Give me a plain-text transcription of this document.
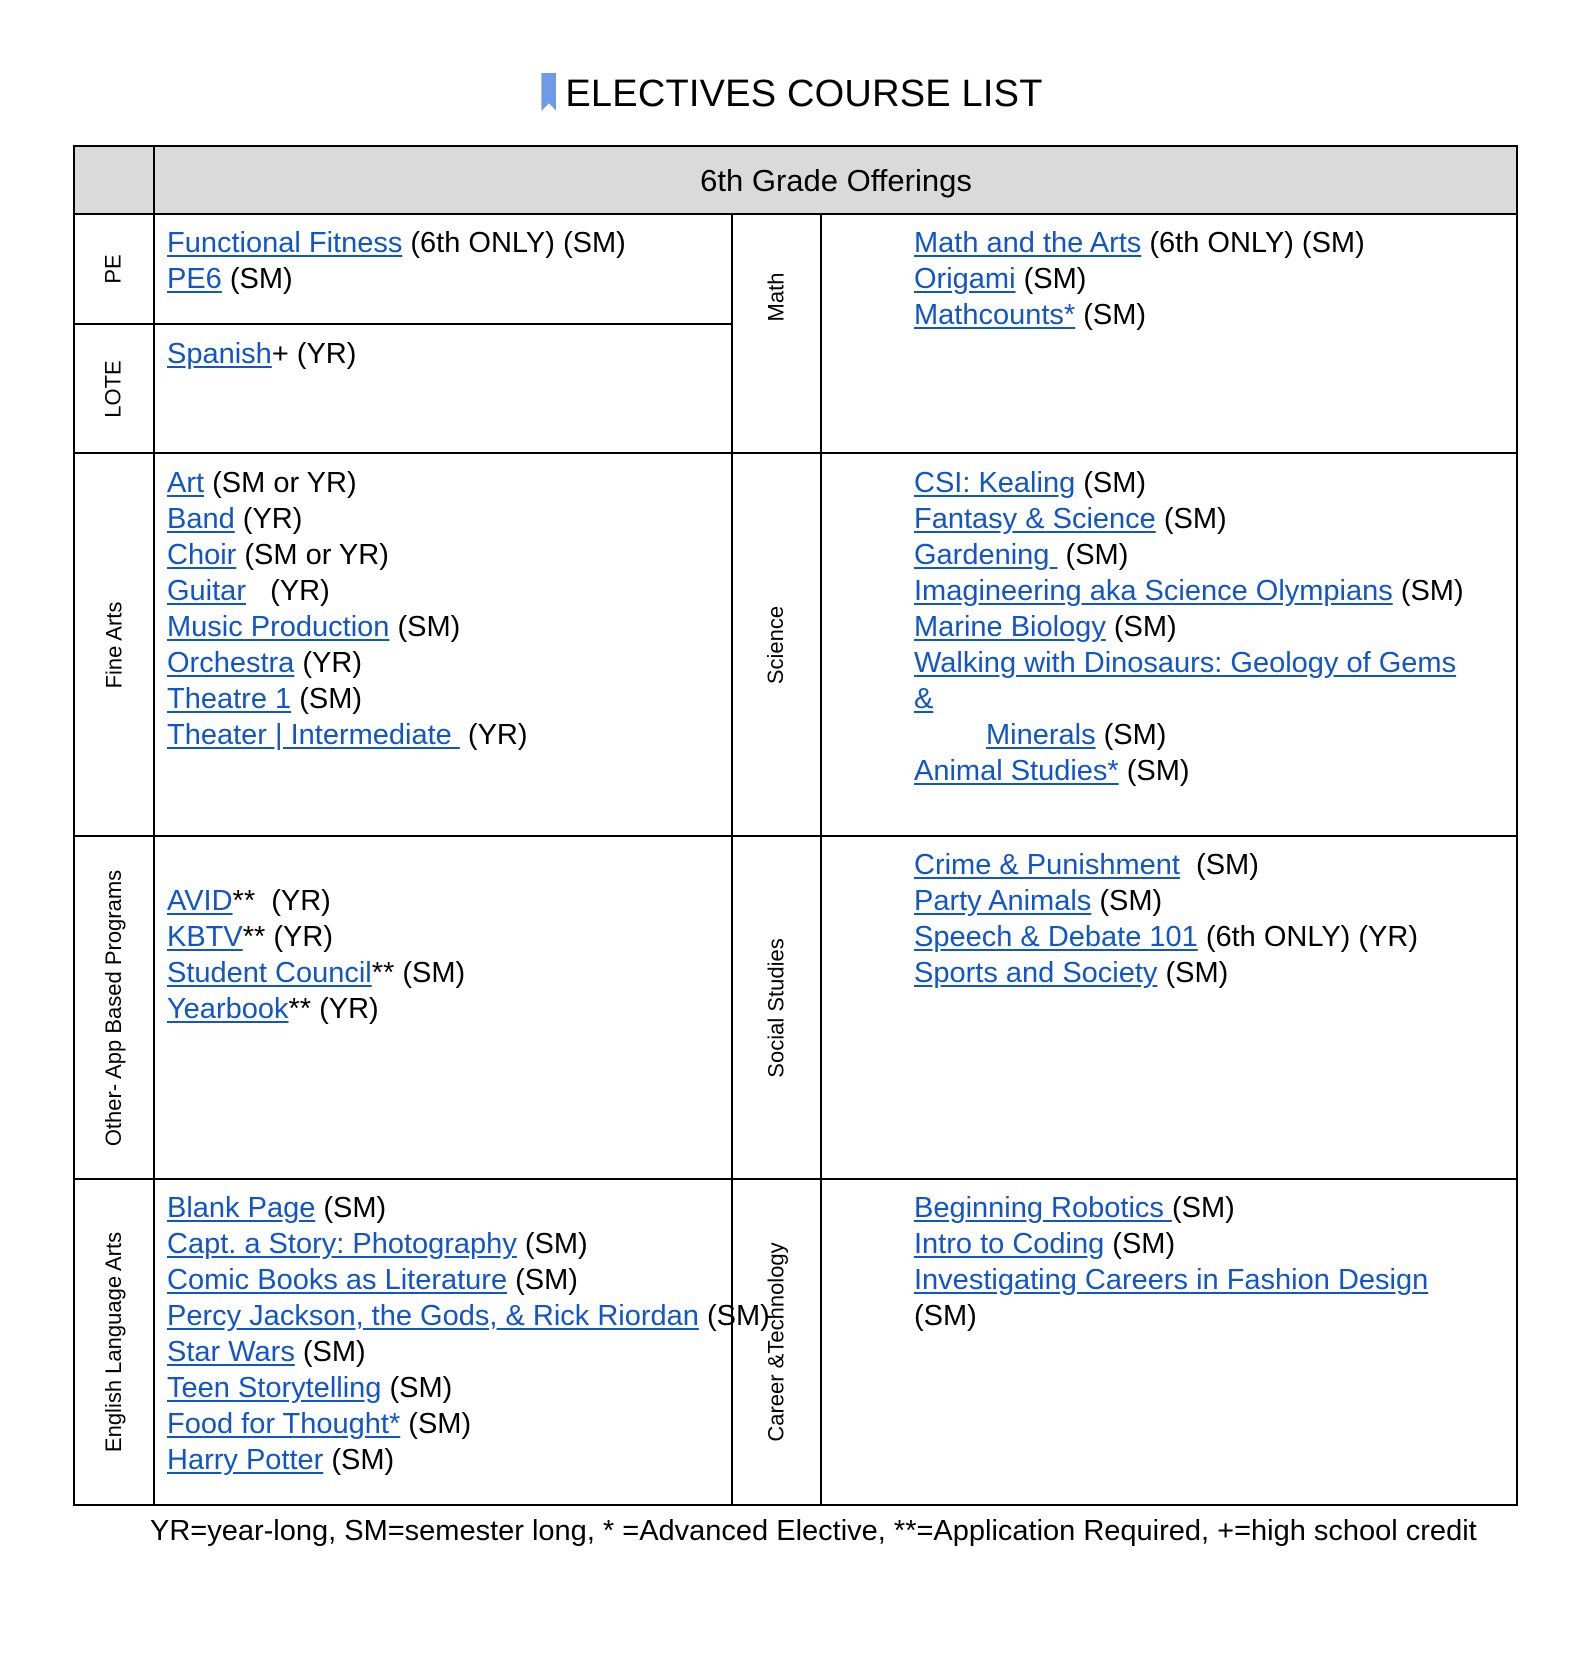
ELECTIVES COURSE LIST
6th Grade Offerings
PE
LOTE
Fine Arts
Other- App Based Programs
English Language Arts
Math
Science
Social Studies
Career &Technology
Functional Fitness (6th ONLY) (SM)
PE6 (SM)
Spanish+ (YR)
Art (SM or YR)
Band (YR)
Choir (SM or YR)
Guitar   (YR)
Music Production (SM)
Orchestra (YR)
Theatre 1 (SM)
Theater | Intermediate  (YR)
AVID**  (YR)
KBTV** (YR)
Student Council** (SM)
Yearbook** (YR)
Blank Page (SM)
Capt. a Story: Photography (SM)
Comic Books as Literature (SM)
Percy Jackson, the Gods, & Rick Riordan (SM)
Star Wars (SM)
Teen Storytelling (SM)
Food for Thought* (SM)
Harry Potter (SM)
Math and the Arts (6th ONLY) (SM)
Origami (SM)
Mathcounts* (SM)
CSI: Kealing (SM)
Fantasy & Science (SM)
Gardening  (SM)
Imagineering aka Science Olympians (SM)
Marine Biology (SM)
Walking with Dinosaurs: Geology of Gems
&
Minerals (SM)
Animal Studies* (SM)
Crime & Punishment  (SM)
Party Animals (SM)
Speech & Debate 101 (6th ONLY) (YR)
Sports and Society (SM)
Beginning Robotics (SM)
Intro to Coding (SM)
Investigating Careers in Fashion Design
(SM)
YR=year-long, SM=semester long, * =Advanced Elective, **=Application Required, +=high school credit
